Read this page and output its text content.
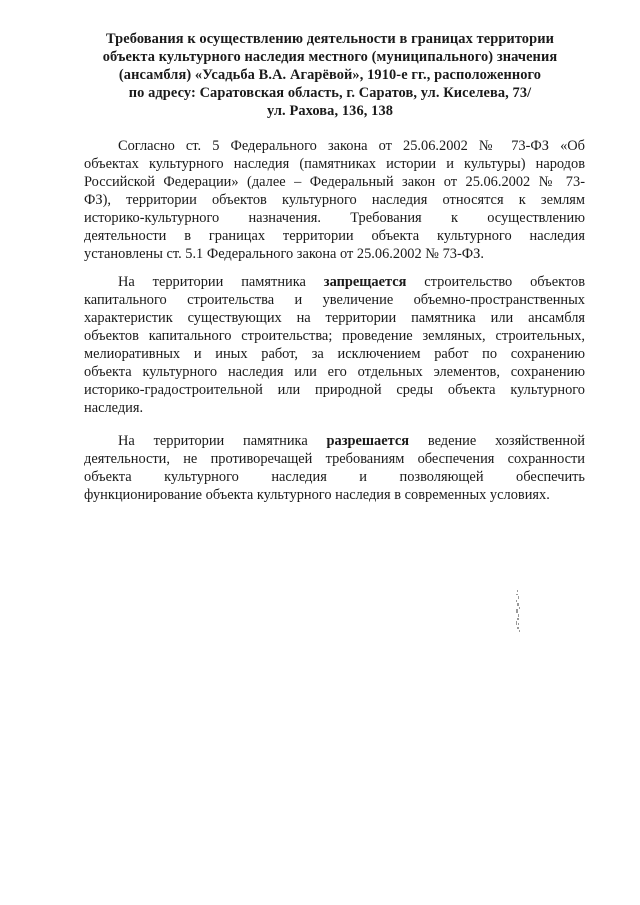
Требования к осуществлению деятельности в границах территории
объекта культурного наследия местного (муниципального) значения
(ансамбля) «Усадьба В.А. Агарёвой», 1910-е гг., расположенного
по адресу: Саратовская область, г. Саратов, ул. Киселева, 73/
ул. Рахова, 136, 138
Согласно ст. 5 Федерального закона от 25.06.2002 № 73-ФЗ «Об
объектах культурного наследия (памятниках истории и культуры) народов
Российской Федерации» (далее – Федеральный закон от 25.06.2002 № 73-
ФЗ), территории объектов культурного наследия относятся к землям
историко-культурного назначения. Требования к осуществлению
деятельности в границах территории объекта культурного наследия
установлены ст. 5.1 Федерального закона от 25.06.2002 № 73-ФЗ.
На территории памятника запрещается строительство объектов
капитального строительства и увеличение объемно-пространственных
характеристик существующих на территории памятника или ансамбля
объектов капитального строительства; проведение земляных, строительных,
мелиоративных и иных работ, за исключением работ по сохранению
объекта культурного наследия или его отдельных элементов, сохранению
историко-градостроительной или природной среды объекта культурного
наследия.
На территории памятника разрешается ведение хозяйственной
деятельности, не противоречащей требованиям обеспечения сохранности
объекта культурного наследия и позволяющей обеспечить
функционирование объекта культурного наследия в современных условиях.
